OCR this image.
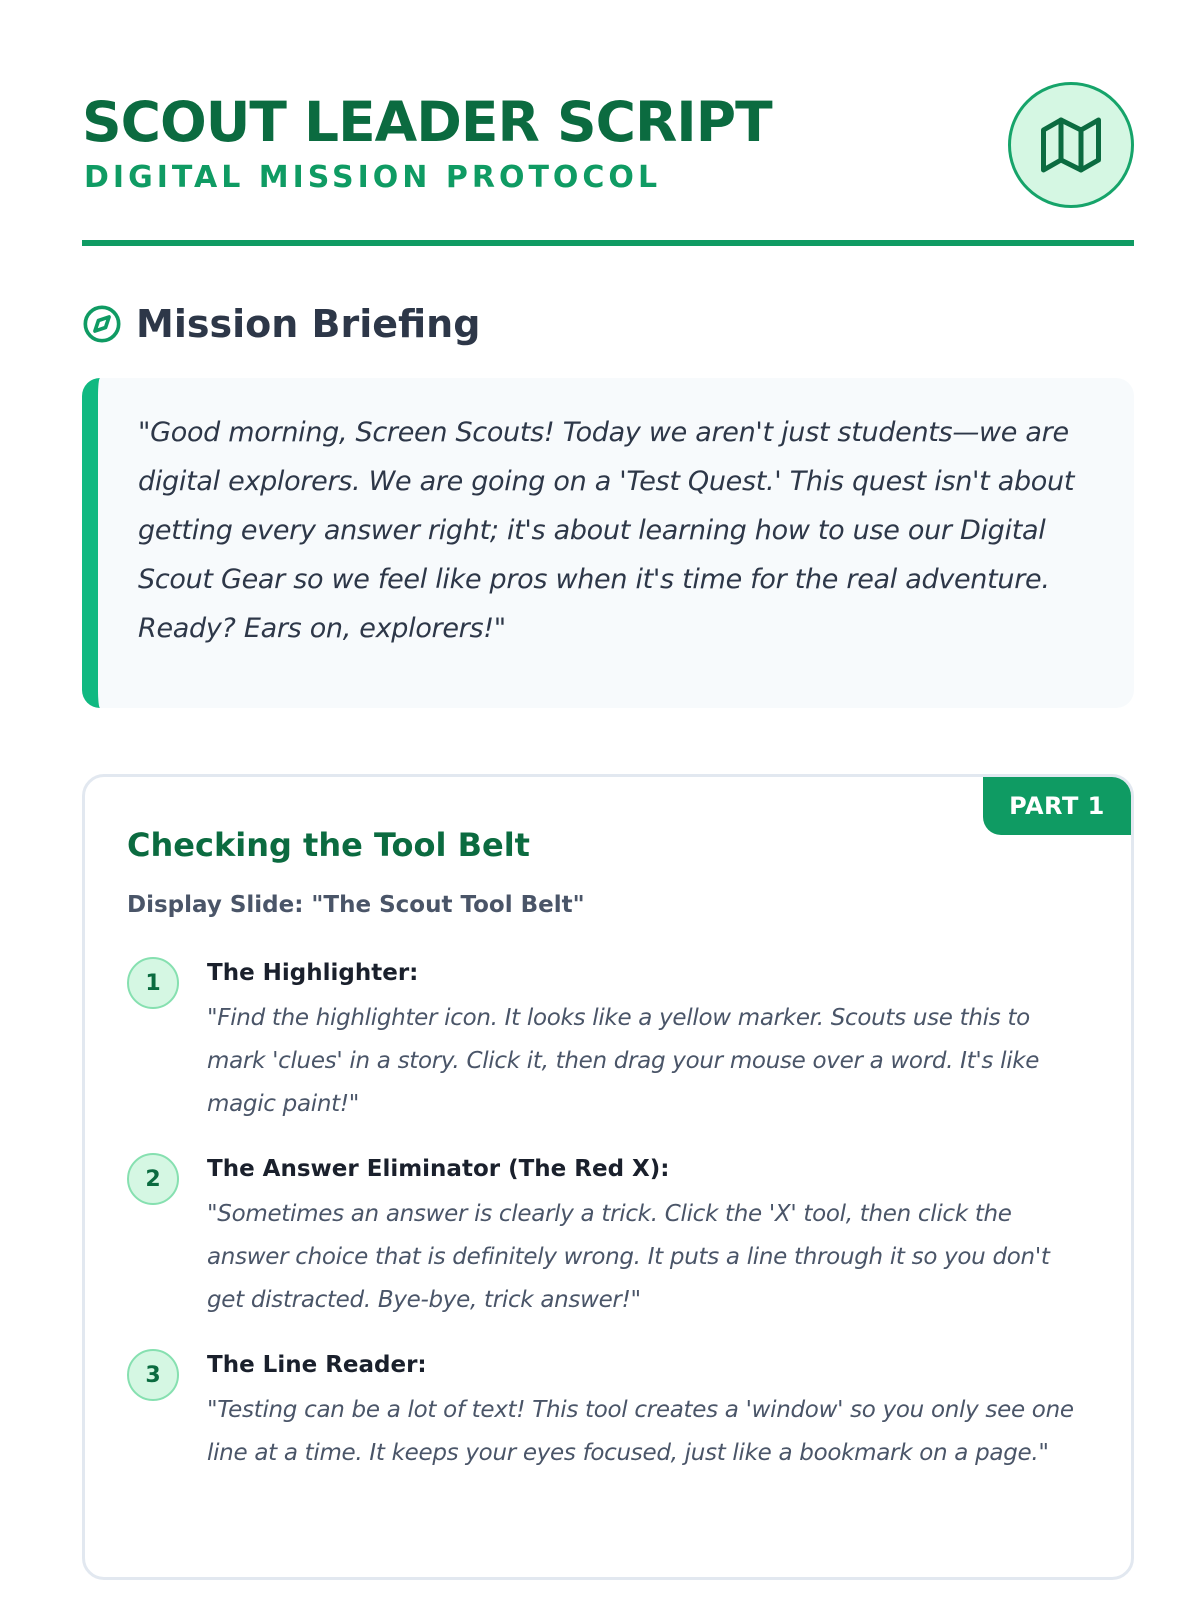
SCOUT LEADER SCRIPT
DIGITAL MISSION PROTOCOL
Mission Briefing

"Good morning, Screen Scouts! Today we aren't just students—we are digital explorers. We are going on a 'Test Quest.' This quest isn't about getting every answer right; it's about learning how to use our Digital Scout Gear so we feel like pros when it's time for the real adventure. Ready? Ears on, explorers!"

PART 1
Checking the Tool Belt
Display Slide: "The Scout Tool Belt"
1	The Highlighter:
"Find the highlighter icon. It looks like a yellow marker. Scouts use this to mark 'clues' in a story. Click it, then drag your mouse over a word. It's like magic paint!"
2	The Answer Eliminator (The Red X):
"Sometimes an answer is clearly a trick. Click the 'X' tool, then click the answer choice that is definitely wrong. It puts a line through it so you don't get distracted. Bye-bye, trick answer!"
3	The Line Reader:
"Testing can be a lot of text! This tool creates a 'window' so you only see one line at a time. It keeps your eyes focused, just like a bookmark on a page."
